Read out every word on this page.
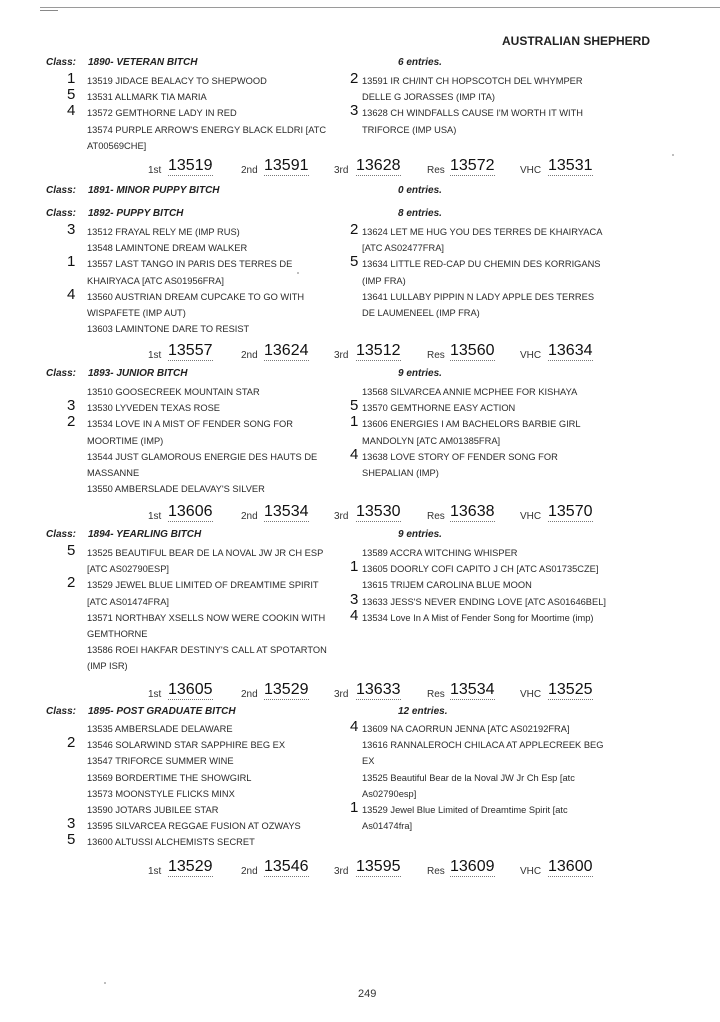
AUSTRALIAN SHEPHERD
Class: 1890- VETERAN BITCH	6 entries.
1 13519 JIDACE BEALACY TO SHEPWOOD
5 13531 ALLMARK TIA MARIA
4 13572 GEMTHORNE LADY IN RED
13574 PURPLE ARROW'S ENERGY BLACK ELDRI [ATC
AT00569CHE]
2 13591 IR CH/INT CH HOPSCOTCH DEL WHYMPER
DELLE G JORASSES (IMP ITA)
3 13628 CH WINDFALLS CAUSE I'M WORTH IT WITH
TRIFORCE (IMP USA)
1st 13519	2nd 13591	3rd 13628	Res 13572	VHC 13531
Class: 1891- MINOR PUPPY BITCH	0 entries.
Class: 1892- PUPPY BITCH	8 entries.
3 13512 FRAYAL RELY ME (IMP RUS)
13548 LAMINTONE DREAM WALKER
1 13557 LAST TANGO IN PARIS DES TERRES DE
KHAIRYACA [ATC AS01956FRA]
4 13560 AUSTRIAN DREAM CUPCAKE TO GO WITH
WISPAFETE (IMP AUT)
13603 LAMINTONE DARE TO RESIST
2 13624 LET ME HUG YOU DES TERRES DE KHAIRYACA
[ATC AS02477FRA]
5 13634 LITTLE RED-CAP DU CHEMIN DES KORRIGANS
(IMP FRA)
13641 LULLABY PIPPIN N LADY APPLE DES TERRES
DE LAUMENEEL (IMP FRA)
1st 13557	2nd 13624	3rd 13512	Res 13560	VHC 13634
Class: 1893- JUNIOR BITCH	9 entries.
13510 GOOSECREEK MOUNTAIN STAR
3 13530 LYVEDEN TEXAS ROSE
2 13534 LOVE IN A MIST OF FENDER SONG FOR
MOORTIME (IMP)
13544 JUST GLAMOROUS ENERGIE DES HAUTS DE
MASSANNE
13550 AMBERSLADE DELAVAY'S SILVER
13568 SILVARCEA ANNIE MCPHEE FOR KISHAYA
5 13570 GEMTHORNE EASY ACTION
1 13606 ENERGIES I AM BACHELORS BARBIE GIRL
MANDOLYN [ATC AM01385FRA]
4 13638 LOVE STORY OF FENDER SONG FOR
SHEPALIAN (IMP)
1st 13606	2nd 13534	3rd 13530	Res 13638	VHC 13570
Class: 1894- YEARLING BITCH	9 entries.
5 13525 BEAUTIFUL BEAR DE LA NOVAL JW JR CH ESP
[ATC AS02790ESP]
2 13529 JEWEL BLUE LIMITED OF DREAMTIME SPIRIT
[ATC AS01474FRA]
13571 NORTHBAY XSELLS NOW WERE COOKIN WITH
GEMTHORNE
13586 ROEI HAKFAR DESTINY'S CALL AT SPOTARTON
(IMP ISR)
13589 ACCRA WITCHING WHISPER
1 13605 DOORLY COFI CAPITO J CH [ATC AS01735CZE]
13615 TRIJEM CAROLINA BLUE MOON
3 13633 JESS'S NEVER ENDING LOVE [ATC AS01646BEL]
4 13534 Love In A Mist of Fender Song for Moortime (imp)
1st 13605	2nd 13529	3rd 13633	Res 13534	VHC 13525
Class: 1895- POST GRADUATE BITCH	12 entries.
13535 AMBERSLADE DELAWARE
2 13546 SOLARWIND STAR SAPPHIRE BEG EX
13547 TRIFORCE SUMMER WINE
13569 BORDERTIME THE SHOWGIRL
13573 MOONSTYLE FLICKS MINX
13590 JOTARS JUBILEE STAR
3 13595 SILVARCEA REGGAE FUSION AT OZWAYS
5 13600 ALTUSSI ALCHEMISTS SECRET
4 13609 NA CAORRUN JENNA [ATC AS02192FRA]
13616 RANNALEROCH CHILACA AT APPLECREEK BEG
EX
13525 Beautiful Bear de la Noval JW Jr Ch Esp [atc
As02790esp]
1 13529 Jewel Blue Limited of Dreamtime Spirit [atc
As01474fra]
1st 13529	2nd 13546	3rd 13595	Res 13609	VHC 13600
249
